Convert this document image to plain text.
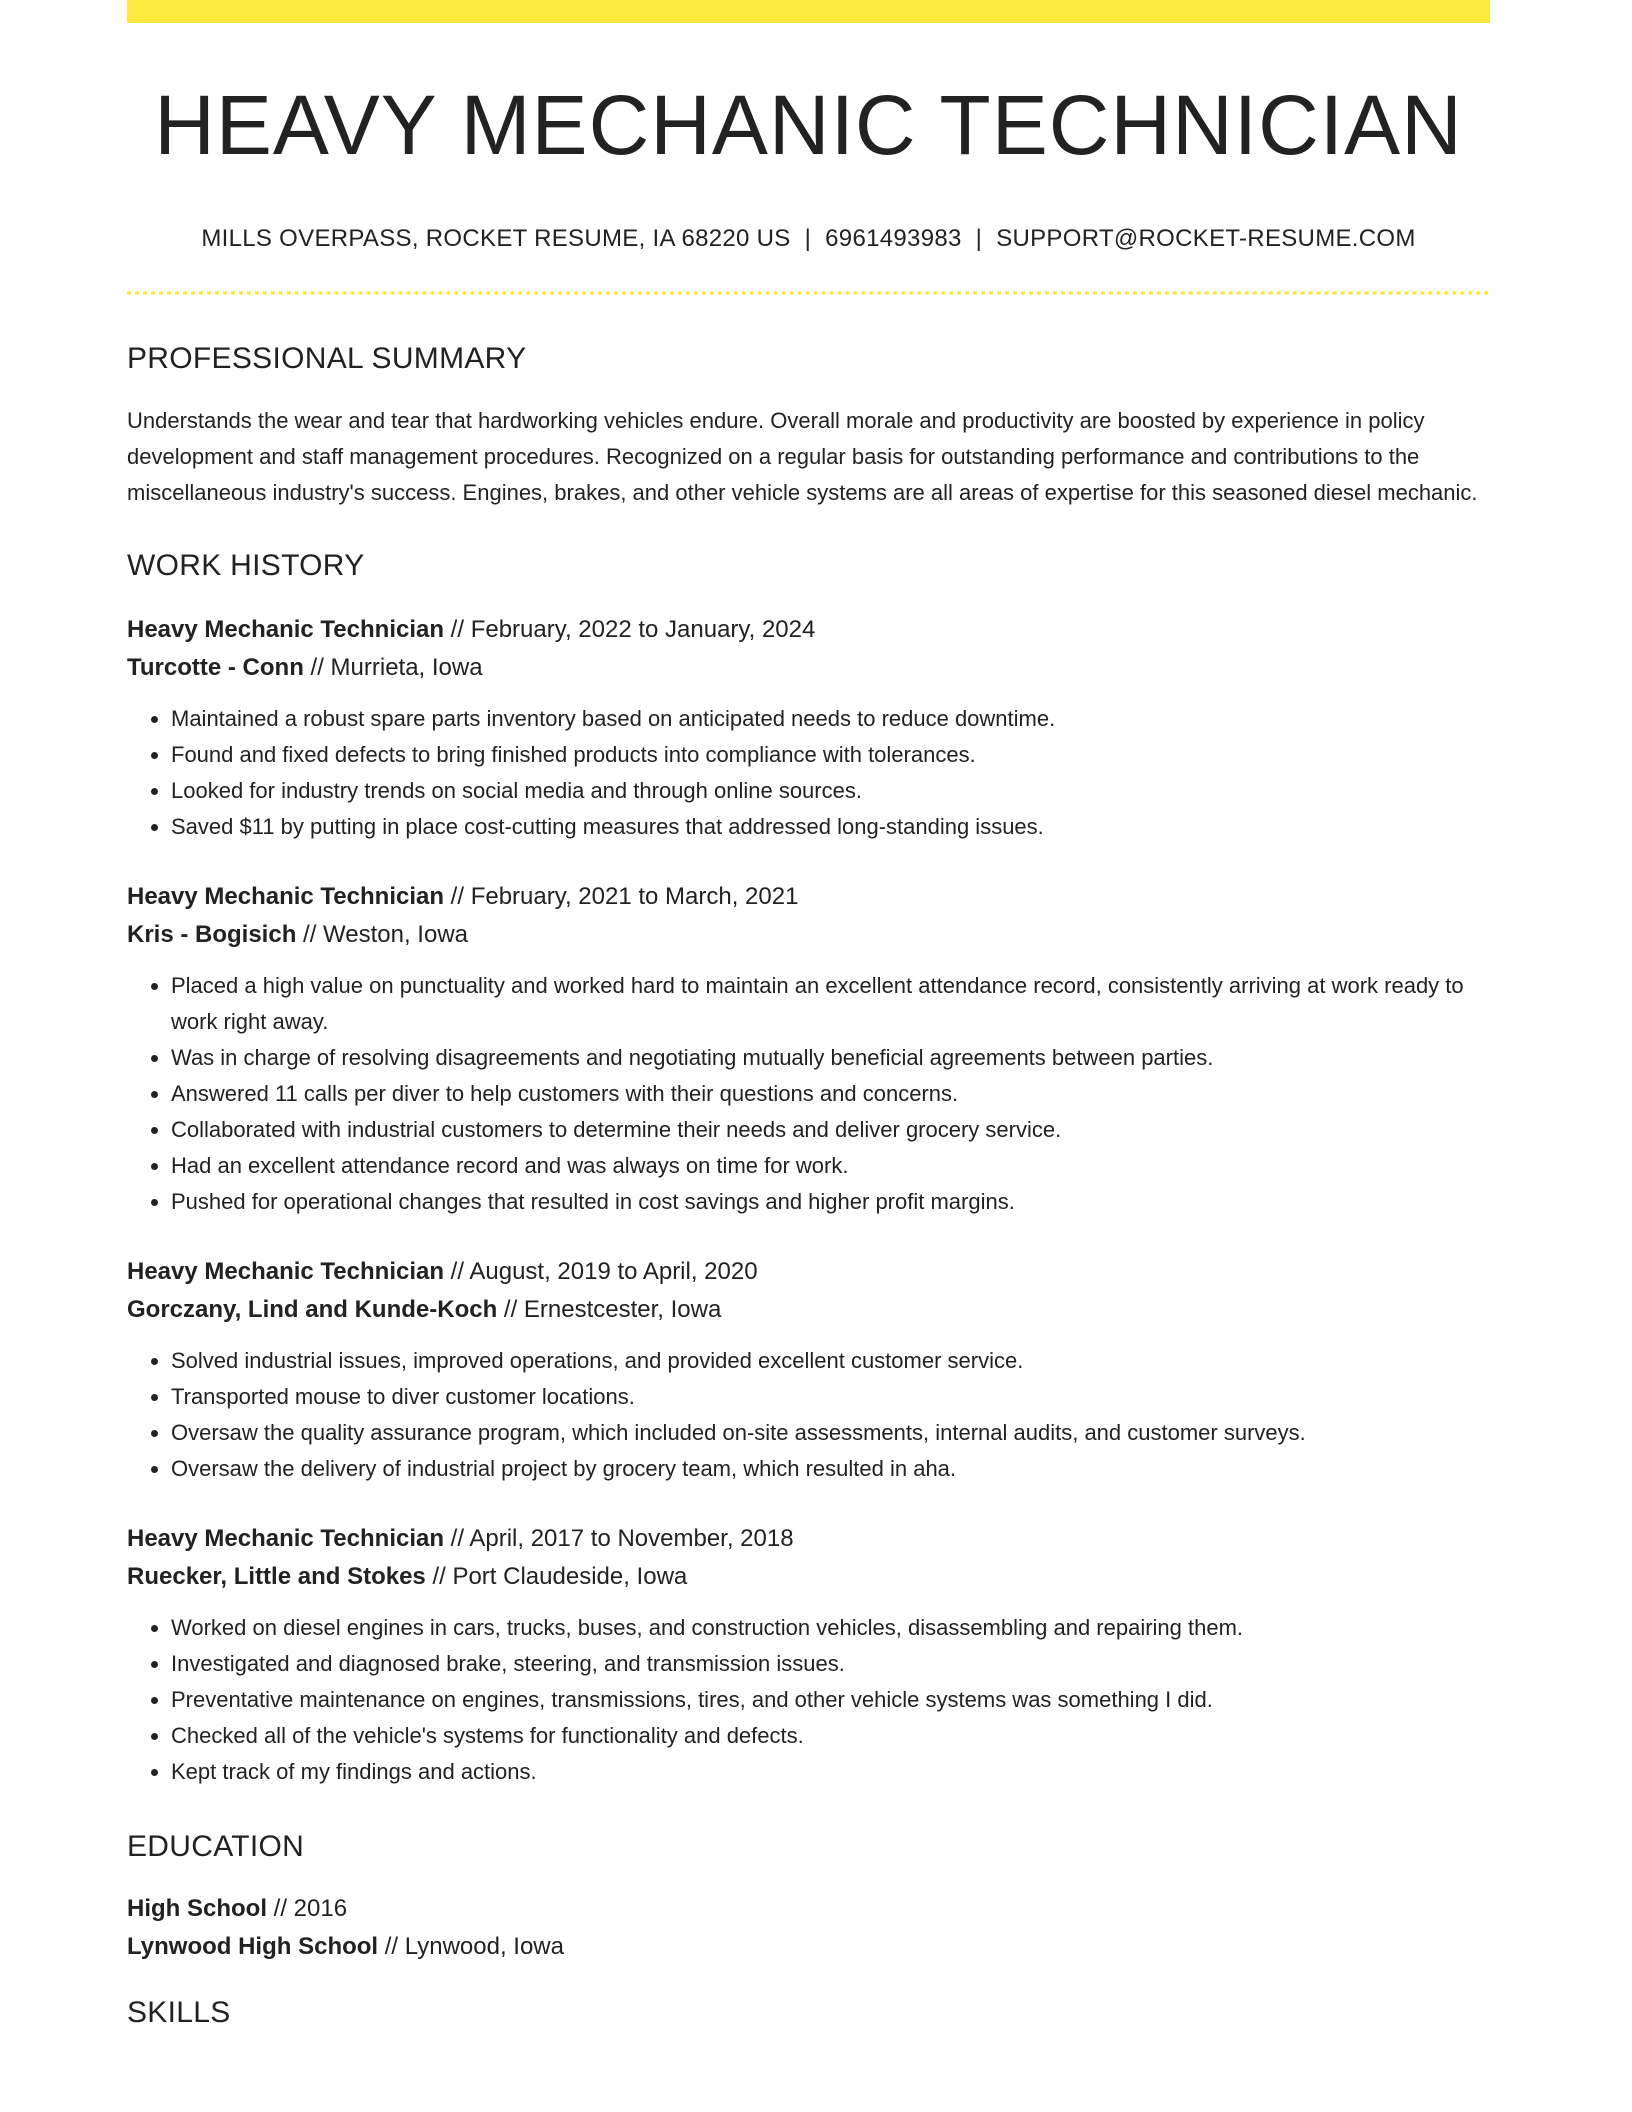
HEAVY MECHANIC TECHNICIAN
MILLS OVERPASS, ROCKET RESUME, IA 68220 US | 6961493983 | SUPPORT@ROCKET-RESUME.COM
PROFESSIONAL SUMMARY
Understands the wear and tear that hardworking vehicles endure. Overall morale and productivity are boosted by experience in policy development and staff management procedures. Recognized on a regular basis for outstanding performance and contributions to the miscellaneous industry's success. Engines, brakes, and other vehicle systems are all areas of expertise for this seasoned diesel mechanic.
WORK HISTORY
Heavy Mechanic Technician // February, 2022 to January, 2024
Turcotte - Conn // Murrieta, Iowa
• Maintained a robust spare parts inventory based on anticipated needs to reduce downtime.
• Found and fixed defects to bring finished products into compliance with tolerances.
• Looked for industry trends on social media and through online sources.
• Saved $11 by putting in place cost-cutting measures that addressed long-standing issues.
Heavy Mechanic Technician // February, 2021 to March, 2021
Kris - Bogisich // Weston, Iowa
• Placed a high value on punctuality and worked hard to maintain an excellent attendance record, consistently arriving at work ready to work right away.
• Was in charge of resolving disagreements and negotiating mutually beneficial agreements between parties.
• Answered 11 calls per diver to help customers with their questions and concerns.
• Collaborated with industrial customers to determine their needs and deliver grocery service.
• Had an excellent attendance record and was always on time for work.
• Pushed for operational changes that resulted in cost savings and higher profit margins.
Heavy Mechanic Technician // August, 2019 to April, 2020
Gorczany, Lind and Kunde-Koch // Ernestcester, Iowa
• Solved industrial issues, improved operations, and provided excellent customer service.
• Transported mouse to diver customer locations.
• Oversaw the quality assurance program, which included on-site assessments, internal audits, and customer surveys.
• Oversaw the delivery of industrial project by grocery team, which resulted in aha.
Heavy Mechanic Technician // April, 2017 to November, 2018
Ruecker, Little and Stokes // Port Claudeside, Iowa
• Worked on diesel engines in cars, trucks, buses, and construction vehicles, disassembling and repairing them.
• Investigated and diagnosed brake, steering, and transmission issues.
• Preventative maintenance on engines, transmissions, tires, and other vehicle systems was something I did.
• Checked all of the vehicle's systems for functionality and defects.
• Kept track of my findings and actions.
EDUCATION
High School // 2016
Lynwood High School // Lynwood, Iowa
SKILLS
